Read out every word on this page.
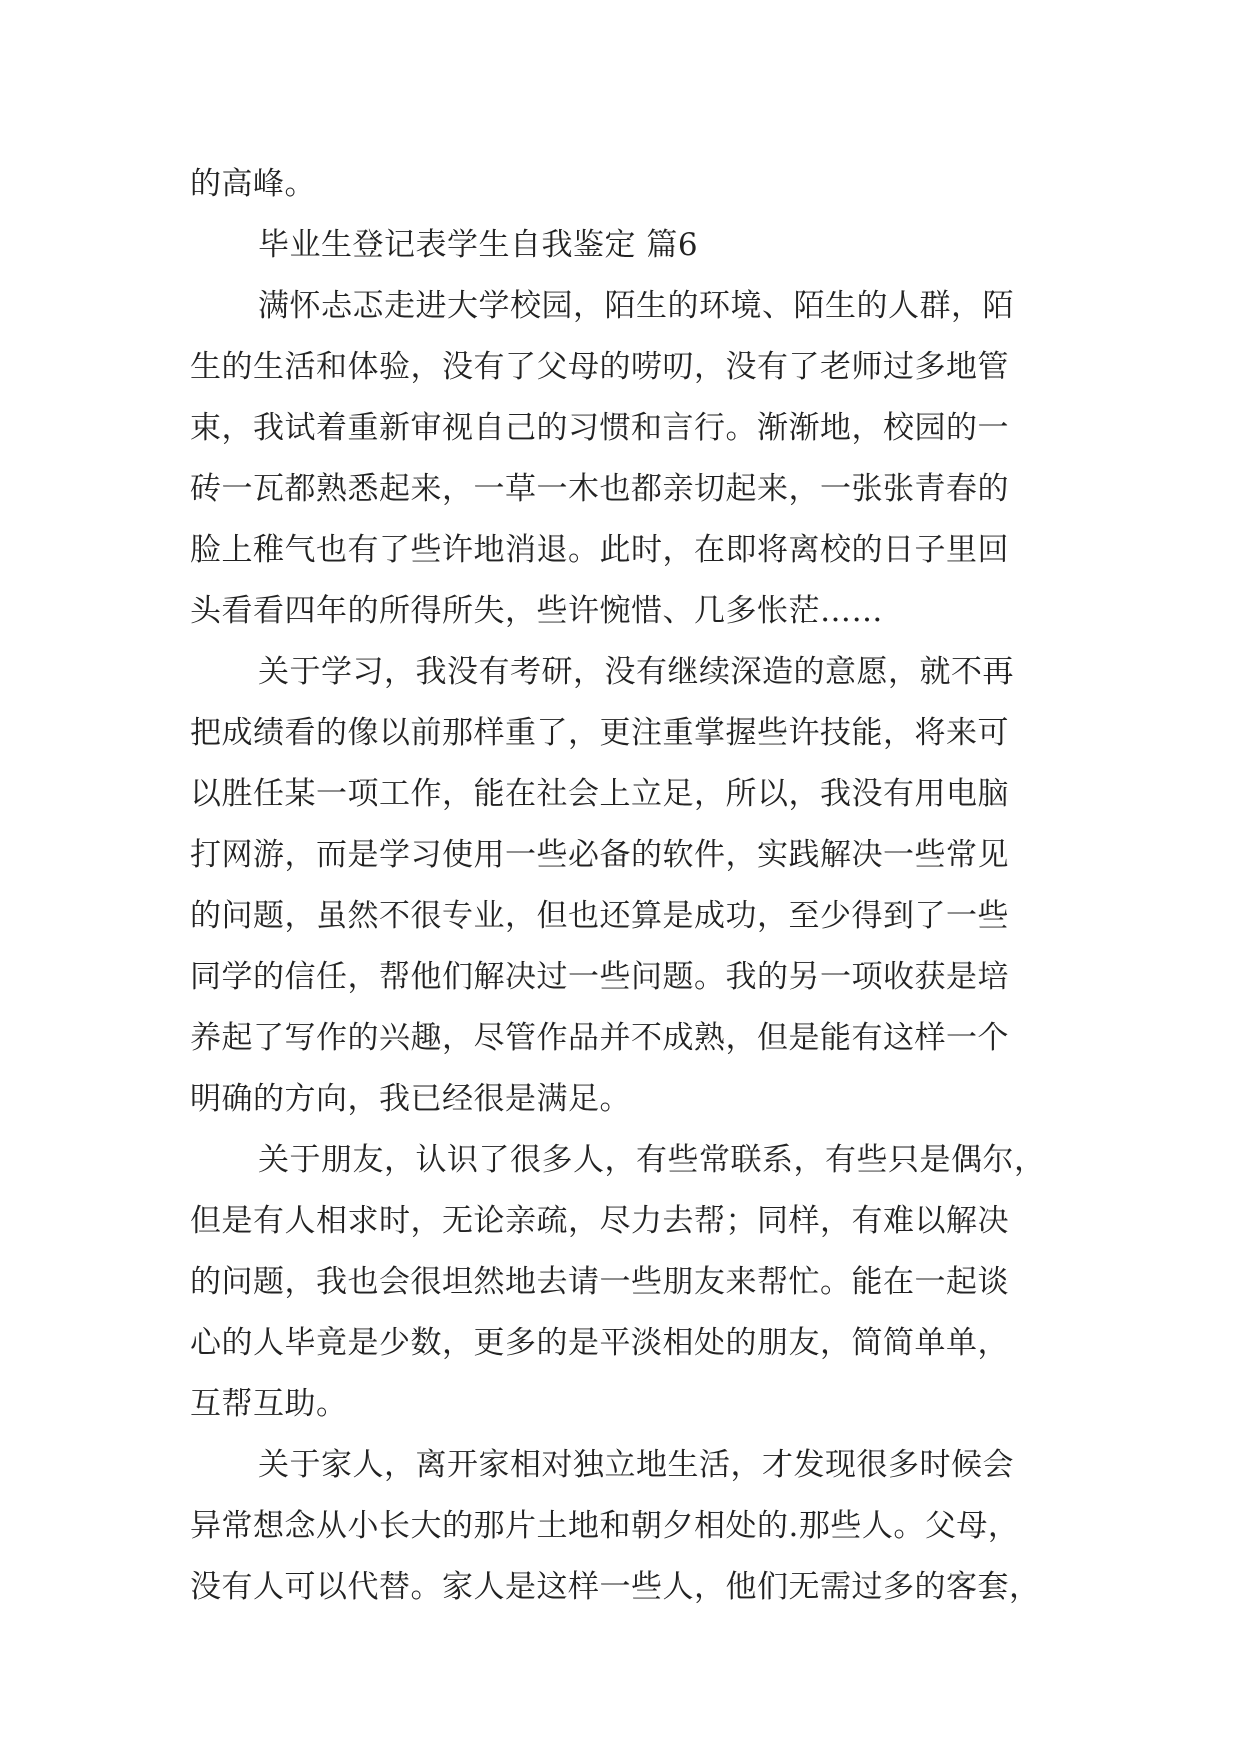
的高峰。
毕业生登记表学生自我鉴定 篇6
满怀忐忑走进大学校园，陌生的环境、陌生的人群，陌
生的生活和体验，没有了父母的唠叨，没有了老师过多地管
束，我试着重新审视自己的习惯和言行。渐渐地，校园的一
砖一瓦都熟悉起来，一草一木也都亲切起来，一张张青春的
脸上稚气也有了些许地消退。此时，在即将离校的日子里回
头看看四年的所得所失，些许惋惜、几多怅茫……
关于学习，我没有考研，没有继续深造的意愿，就不再
把成绩看的像以前那样重了，更注重掌握些许技能，将来可
以胜任某一项工作，能在社会上立足，所以，我没有用电脑
打网游，而是学习使用一些必备的软件，实践解决一些常见
的问题，虽然不很专业，但也还算是成功，至少得到了一些
同学的信任，帮他们解决过一些问题。我的另一项收获是培
养起了写作的兴趣，尽管作品并不成熟，但是能有这样一个
明确的方向，我已经很是满足。
关于朋友，认识了很多人，有些常联系，有些只是偶尔，
但是有人相求时，无论亲疏，尽力去帮；同样，有难以解决
的问题，我也会很坦然地去请一些朋友来帮忙。能在一起谈
心的人毕竟是少数，更多的是平淡相处的朋友，简简单单，
互帮互助。
关于家人，离开家相对独立地生活，才发现很多时候会
异常想念从小长大的那片土地和朝夕相处的.那些人。父母，
没有人可以代替。家人是这样一些人，他们无需过多的客套，
